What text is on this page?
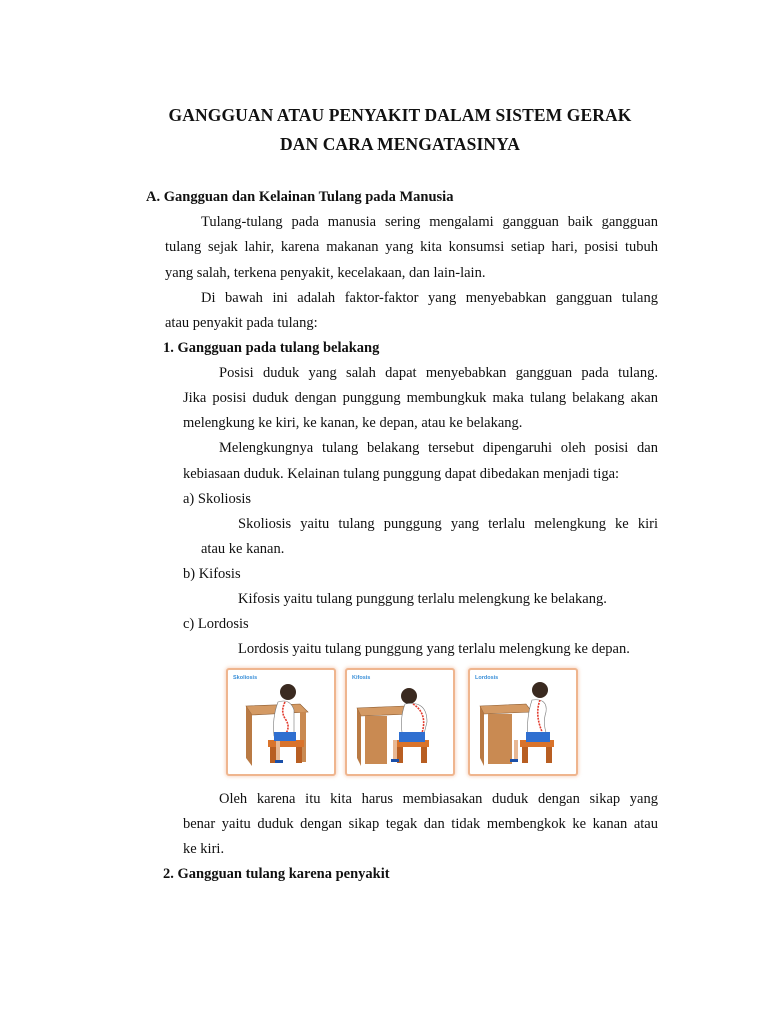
GANGGUAN ATAU PENYAKIT DALAM SISTEM GERAK
DAN CARA MENGATASINYA
A. Gangguan dan Kelainan Tulang pada Manusia
Tulang-tulang pada manusia sering mengalami gangguan baik gangguan
tulang sejak lahir, karena makanan yang kita konsumsi setiap hari, posisi tubuh
yang salah, terkena penyakit, kecelakaan, dan lain-lain.
Di bawah ini adalah faktor-faktor yang menyebabkan gangguan tulang
atau penyakit pada tulang:
1. Gangguan pada tulang belakang
Posisi duduk yang salah dapat menyebabkan gangguan pada tulang.
Jika posisi duduk dengan punggung membungkuk maka tulang belakang akan
melengkung ke kiri, ke kanan, ke depan, atau ke belakang.
Melengkungnya tulang belakang tersebut dipengaruhi oleh posisi dan
kebiasaan duduk. Kelainan tulang punggung dapat dibedakan menjadi tiga:
a) Skoliosis
Skoliosis yaitu tulang punggung yang terlalu melengkung ke kiri
atau ke kanan.
b) Kifosis
Kifosis yaitu tulang punggung terlalu melengkung ke belakang.
c) Lordosis
Lordosis yaitu tulang punggung yang terlalu melengkung ke depan.
Skoliosis	Kifosis	Lordosis
Oleh karena itu kita harus membiasakan duduk dengan sikap yang
benar yaitu duduk dengan sikap tegak dan tidak membengkok ke kanan atau
ke kiri.
2. Gangguan tulang karena penyakit
